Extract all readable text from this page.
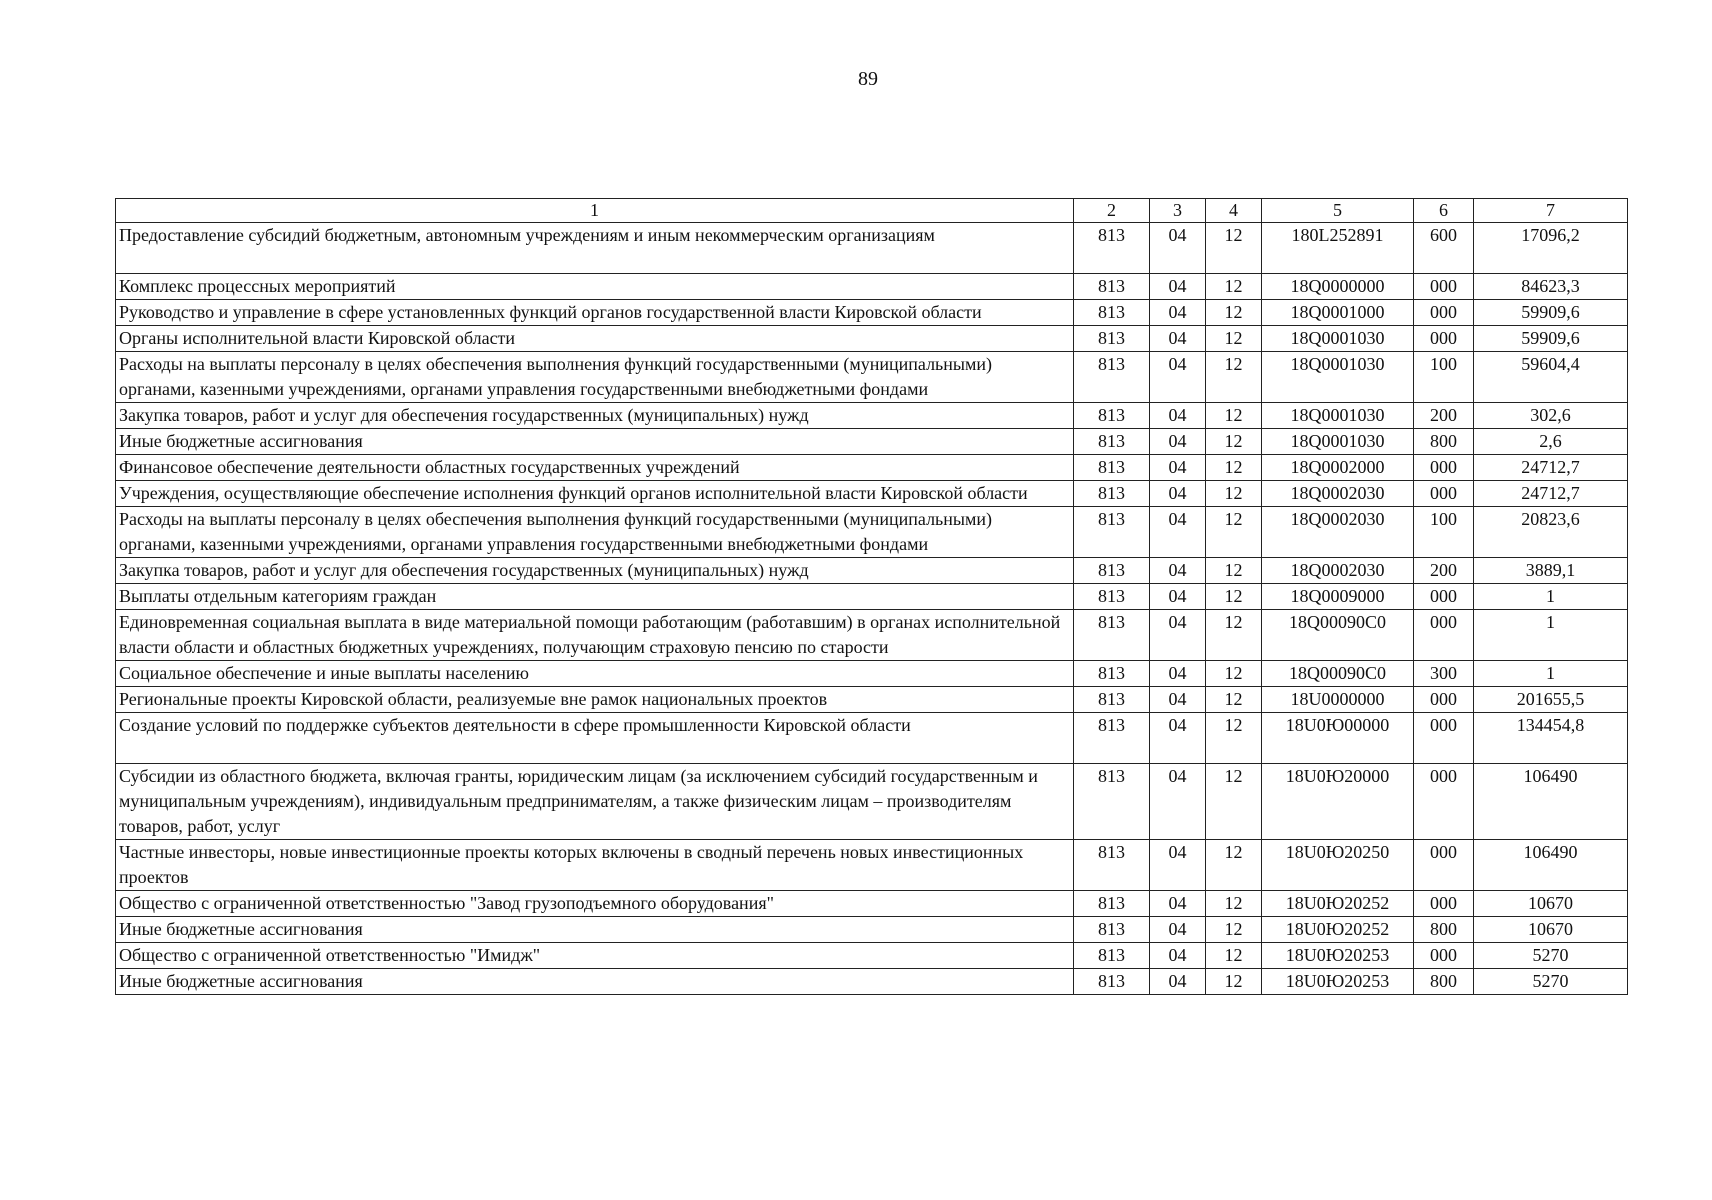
89
1	2	3	4	5	6	7
Предоставление субсидий бюджетным, автономным учреждениям и иным некоммерческим организациям	813	04	12	180L252891	600	17096,2
Комплекс процессных мероприятий	813	04	12	18Q0000000	000	84623,3
Руководство и управление в сфере установленных функций органов государственной власти Кировской области	813	04	12	18Q0001000	000	59909,6
Органы исполнительной власти Кировской области	813	04	12	18Q0001030	000	59909,6
Расходы на выплаты персоналу в целях обеспечения выполнения функций государственными (муниципальными) органами, казенными учреждениями, органами управления государственными внебюджетными фондами	813	04	12	18Q0001030	100	59604,4
Закупка товаров, работ и услуг для обеспечения государственных (муниципальных) нужд	813	04	12	18Q0001030	200	302,6
Иные бюджетные ассигнования	813	04	12	18Q0001030	800	2,6
Финансовое обеспечение деятельности областных государственных учреждений	813	04	12	18Q0002000	000	24712,7
Учреждения, осуществляющие обеспечение исполнения функций органов исполнительной власти Кировской области	813	04	12	18Q0002030	000	24712,7
Расходы на выплаты персоналу в целях обеспечения выполнения функций государственными (муниципальными) органами, казенными учреждениями, органами управления государственными внебюджетными фондами	813	04	12	18Q0002030	100	20823,6
Закупка товаров, работ и услуг для обеспечения государственных (муниципальных) нужд	813	04	12	18Q0002030	200	3889,1
Выплаты отдельным категориям граждан	813	04	12	18Q0009000	000	1
Единовременная социальная выплата в виде материальной помощи работающим (работавшим) в органах исполнительной власти области и областных бюджетных учреждениях, получающим страховую пенсию по старости	813	04	12	18Q00090C0	000	1
Социальное обеспечение и иные выплаты населению	813	04	12	18Q00090C0	300	1
Региональные проекты Кировской области, реализуемые вне рамок национальных проектов	813	04	12	18U0000000	000	201655,5
Создание условий по поддержке субъектов деятельности в сфере промышленности Кировской области	813	04	12	18U0Ю00000	000	134454,8
Субсидии из областного бюджета, включая гранты, юридическим лицам (за исключением субсидий государственным и муниципальным учреждениям), индивидуальным предпринимателям, а также физическим лицам – производителям товаров, работ, услуг	813	04	12	18U0Ю20000	000	106490
Частные инвесторы, новые инвестиционные проекты которых включены в сводный перечень новых инвестиционных проектов	813	04	12	18U0Ю20250	000	106490
Общество с ограниченной ответственностью "Завод грузоподъемного оборудования"	813	04	12	18U0Ю20252	000	10670
Иные бюджетные ассигнования	813	04	12	18U0Ю20252	800	10670
Общество с ограниченной ответственностью "Имидж"	813	04	12	18U0Ю20253	000	5270
Иные бюджетные ассигнования	813	04	12	18U0Ю20253	800	5270
